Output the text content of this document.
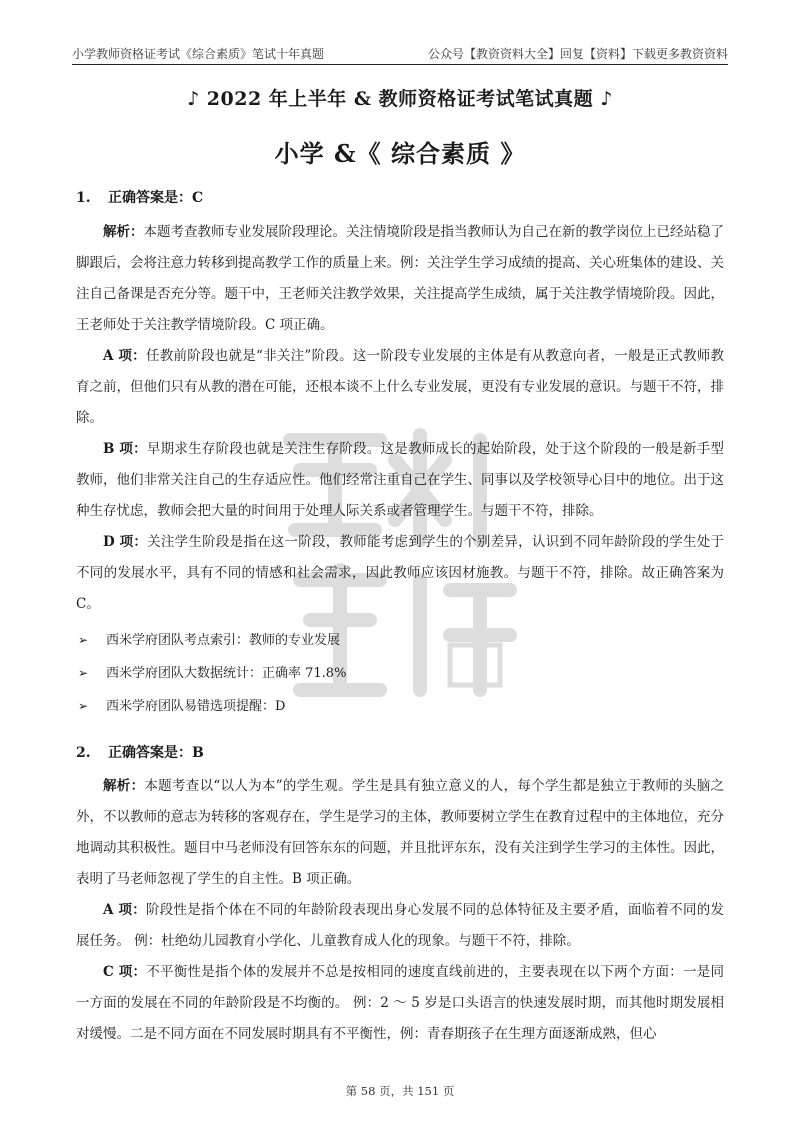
小学教师资格证考试《综合素质》笔试十年真题	公众号【教资资料大全】回复【资料】下载更多教资资料
♪ 2022 年上半年 & 教师资格证考试笔试真题 ♪
小学 &《 综合素质 》

1. 正确答案是：C

解析：本题考查教师专业发展阶段理论。关注情境阶段是指当教师认为自己在新的教学岗位上已经站稳了脚跟后，会将注意力转移到提高教学工作的质量上来。例：关注学生学习成绩的提高、关心班集体的建设、关注自己备课是否充分等。题干中，王老师关注教学效果，关注提高学生成绩，属于关注教学情境阶段。因此，王老师处于关注教学情境阶段。C 项正确。

A 项：任教前阶段也就是“非关注”阶段。这一阶段专业发展的主体是有从教意向者，一般是正式教师教育之前，但他们只有从教的潜在可能，还根本谈不上什么专业发展，更没有专业发展的意识。与题干不符，排除。

B 项：早期求生存阶段也就是关注生存阶段。这是教师成长的起始阶段，处于这个阶段的一般是新手型教师，他们非常关注自己的生存适应性。他们经常注重自己在学生、同事以及学校领导心目中的地位。出于这种生存忧虑，教师会把大量的时间用于处理人际关系或者管理学生。与题干不符，排除。

D 项：关注学生阶段是指在这一阶段，教师能考虑到学生的个别差异，认识到不同年龄阶段的学生处于不同的发展水平，具有不同的情感和社会需求，因此教师应该因材施教。与题干不符，排除。故正确答案为 C。

➢ 西米学府团队考点索引：教师的专业发展
➢ 西米学府团队大数据统计：正确率 71.8%
➢ 西米学府团队易错选项提醒：D

2. 正确答案是：B

解析：本题考查以“以人为本”的学生观。学生是具有独立意义的人，每个学生都是独立于教师的头脑之外，不以教师的意志为转移的客观存在，学生是学习的主体，教师要树立学生在教育过程中的主体地位，充分地调动其积极性。题目中马老师没有回答东东的问题，并且批评东东，没有关注到学生学习的主体性。因此，表明了马老师忽视了学生的自主性。B 项正确。

A 项：阶段性是指个体在不同的年龄阶段表现出身心发展不同的总体特征及主要矛盾，面临着不同的发展任务。 例：杜绝幼儿园教育小学化、儿童教育成人化的现象。与题干不符，排除。

C 项：不平衡性是指个体的发展并不总是按相同的速度直线前进的，主要表现在以下两个方面：一是同一方面的发展在不同的年龄阶段是不均衡的。 例：2 ～ 5 岁是口头语言的快速发展时期，而其他时期发展相对缓慢。二是不同方面在不同发展时期具有不平衡性，例：青春期孩子在生理方面逐渐成熟，但心

第 58 页，共 151 页
